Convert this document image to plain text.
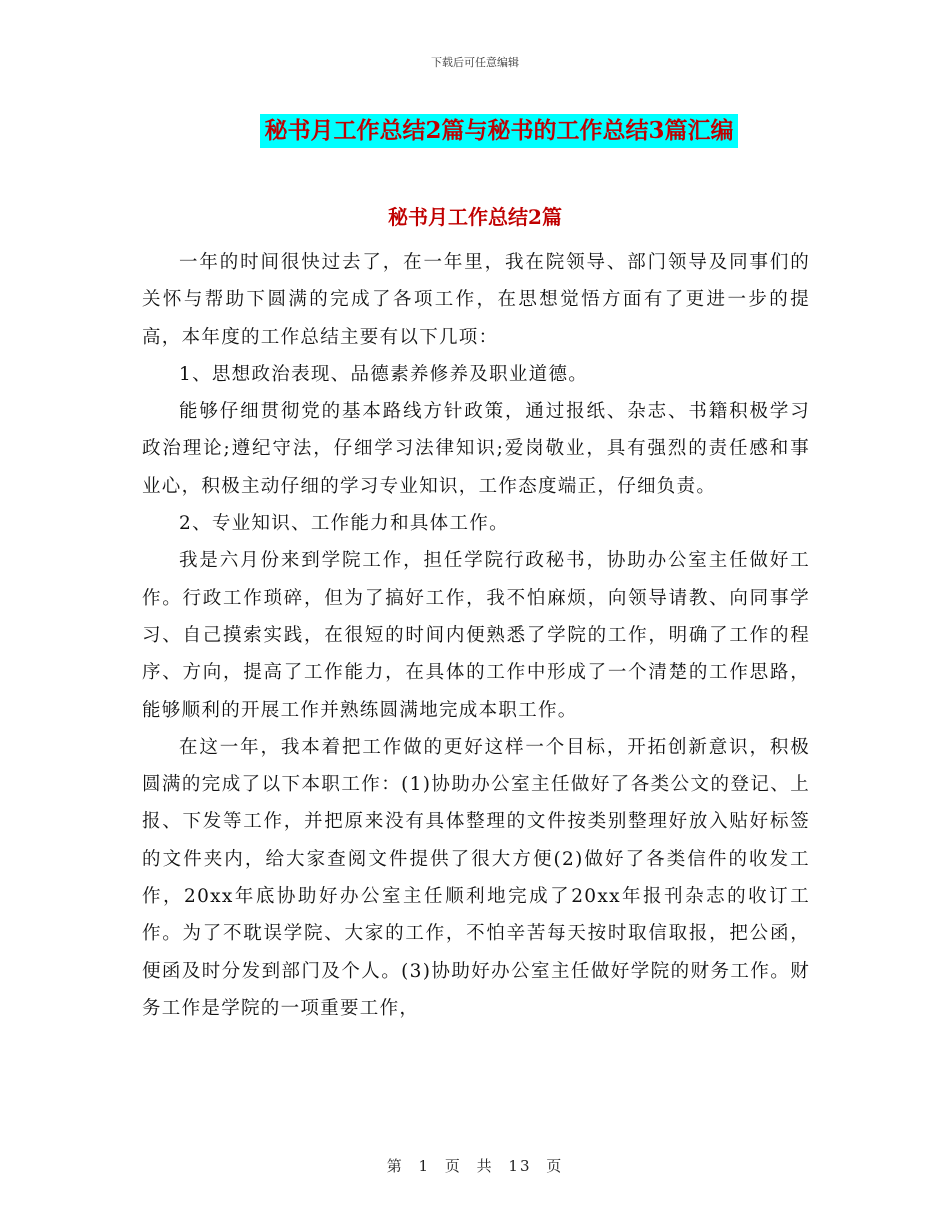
下载后可任意编辑
秘书月工作总结2篇与秘书的工作总结3篇汇编
秘书月工作总结2篇

一年的时间很快过去了，在一年里，我在院领导、部门领导及同事们的关怀与帮助下圆满的完成了各项工作，在思想觉悟方面有了更进一步的提高，本年度的工作总结主要有以下几项：

1、思想政治表现、品德素养修养及职业道德。

能够仔细贯彻党的基本路线方针政策，通过报纸、杂志、书籍积极学习政治理论;遵纪守法，仔细学习法律知识;爱岗敬业，具有强烈的责任感和事业心，积极主动仔细的学习专业知识，工作态度端正，仔细负责。

2、专业知识、工作能力和具体工作。

我是六月份来到学院工作，担任学院行政秘书，协助办公室主任做好工作。行政工作琐碎，但为了搞好工作，我不怕麻烦，向领导请教、向同事学习、自己摸索实践，在很短的时间内便熟悉了学院的工作，明确了工作的程序、方向，提高了工作能力，在具体的工作中形成了一个清楚的工作思路，能够顺利的开展工作并熟练圆满地完成本职工作。

在这一年，我本着把工作做的更好这样一个目标，开拓创新意识，积极圆满的完成了以下本职工作：(1)协助办公室主任做好了各类公文的登记、上报、下发等工作，并把原来没有具体整理的文件按类别整理好放入贴好标签的文件夹内，给大家查阅文件提供了很大方便(2)做好了各类信件的收发工作，20xx年底协助好办公室主任顺利地完成了20xx年报刊杂志的收订工作。为了不耽误学院、大家的工作，不怕辛苦每天按时取信取报，把公函，便函及时分发到部门及个人。(3)协助好办公室主任做好学院的财务工作。财务工作是学院的一项重要工作，

第 1 页 共 13 页
